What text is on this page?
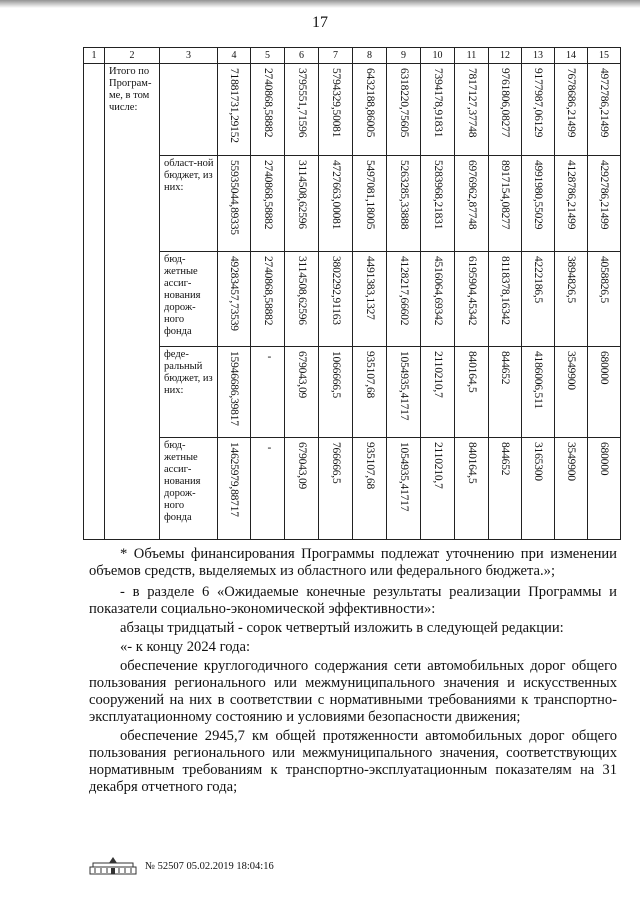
17
1	2	3	4	5	6	7	8	9	10	11	12	13	14	15
	Итого по Програм-ме, в том числе:		71881731,29152	2740868,58882	3795551,71596	5794329,50081	6432188,86005	6318220,75605	7394178,91831	7817127,37748	9761806,08277	9177987,06129	7678686,21499	4972786,21499

		област-ной бюджет, из них:	55935044,89335	2740868,58882	3114508,62596	4727663,00081	5497081,18005	5263285,33888	5283968,21831	6976962,87748	8917154,08277	4991980,55029	4128786,21499	4292786,21499

		бюд-жетные ассиг-нования дорож-ного фонда	49283457,73539	2740868,58882	3114508,62596	3802292,91163	4491383,1327	4128217,66602	4516064,69342	6195904,45342	8118378,16342	4222186,5	3894826,5	4058826,5

		феде-ральный бюджет, из них:	15946686,39817	-	679043,09	1066666,5	935107,68	1054935,41717	2110210,7	840164,5	844652	4186006,511	3549900	680000

		бюд-жетные ассиг-нования дорож-ного фонда	14625979,88717	-	679043,09	766666,5	935107,68	1054935,41717	2110210,7	840164,5	844652	3165300	3549900	680000

* Объемы финансирования Программы подлежат уточнению при изменении объемов средств, выделяемых из областного или федерального бюджета.»;

- в разделе 6 «Ожидаемые конечные результаты реализации Программы и показатели социально-экономической эффективности»:

абзацы тридцатый - сорок четвертый изложить в следующей редакции:

«- к концу 2024 года:

обеспечение круглогодичного содержания сети автомобильных дорог общего пользования регионального или межмуниципального значения и искусственных сооружений на них в соответствии с нормативными требованиями к транспортно-эксплуатационному состоянию и условиями безопасности движения;

обеспечение 2945,7 км общей протяженности автомобильных дорог общего пользования регионального или межмуниципального значения, соответствующих нормативным требованиям к транспортно-эксплуатационным показателям на 31 декабря отчетного года;

№ 52507 05.02.2019 18:04:16
